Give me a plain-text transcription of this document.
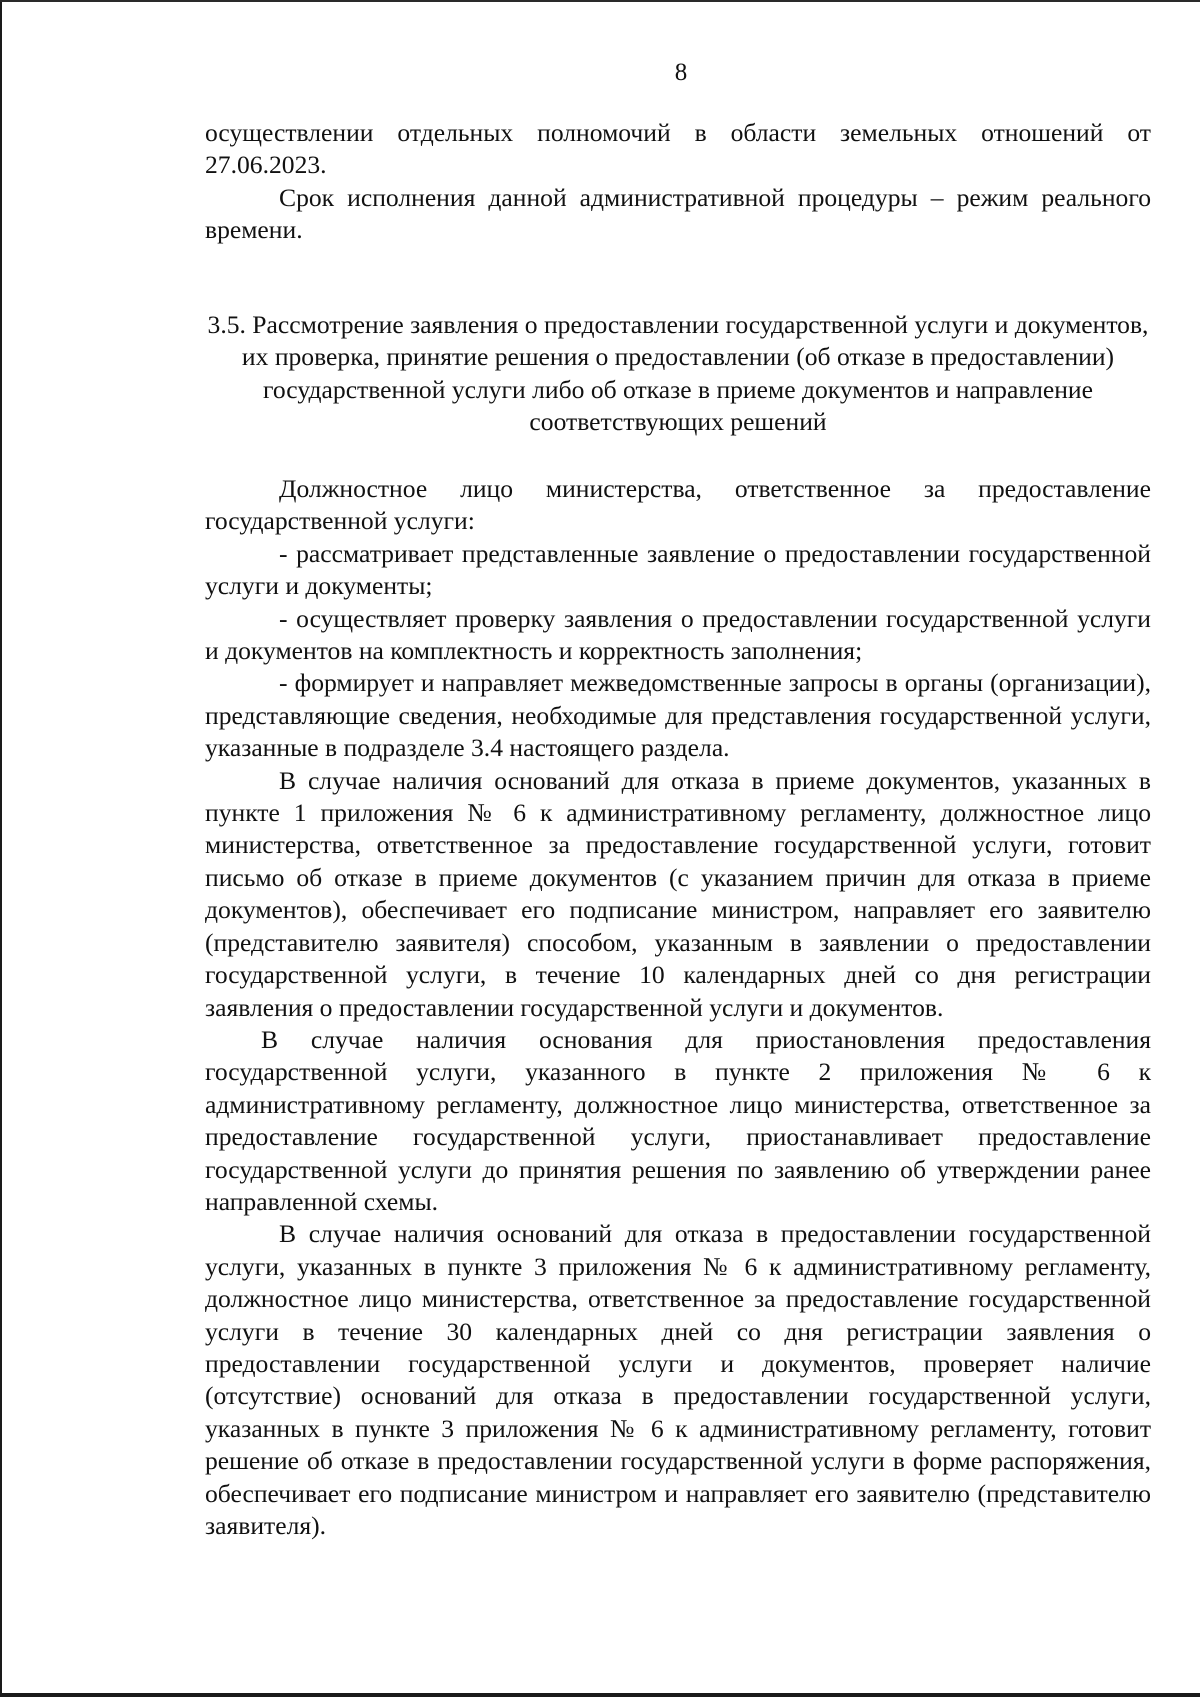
8

осуществлении отдельных полномочий в области земельных отношений от 27.06.2023.

Срок исполнения данной административной процедуры – режим реального времени.

3.5. Рассмотрение заявления о предоставлении государственной услуги и документов, их проверка, принятие решения о предоставлении (об отказе в предоставлении) государственной услуги либо об отказе в приеме документов и направление соответствующих решений

Должностное лицо министерства, ответственное за предоставление государственной услуги:

- рассматривает представленные заявление о предоставлении государственной услуги и документы;

- осуществляет проверку заявления о предоставлении государственной услуги и документов на комплектность и корректность заполнения;

- формирует и направляет межведомственные запросы в органы (организации), представляющие сведения, необходимые для представления государственной услуги, указанные в подразделе 3.4 настоящего раздела.

В случае наличия оснований для отказа в приеме документов, указанных в пункте 1 приложения № 6 к административному регламенту, должностное лицо министерства, ответственное за предоставление государственной услуги, готовит письмо об отказе в приеме документов (с указанием причин для отказа в приеме документов), обеспечивает его подписание министром, направляет его заявителю (представителю заявителя) способом, указанным в заявлении о предоставлении государственной услуги, в течение 10 календарных дней со дня регистрации заявления о предоставлении государственной услуги и документов.

В случае наличия основания для приостановления предоставления государственной услуги, указанного в пункте 2 приложения № 6 к административному регламенту, должностное лицо министерства, ответственное за предоставление государственной услуги, приостанавливает предоставление государственной услуги до принятия решения по заявлению об утверждении ранее направленной схемы.

В случае наличия оснований для отказа в предоставлении государственной услуги, указанных в пункте 3 приложения № 6 к административному регламенту, должностное лицо министерства, ответственное за предоставление государственной услуги в течение 30 календарных дней со дня регистрации заявления о предоставлении государственной услуги и документов, проверяет наличие (отсутствие) оснований для отказа в предоставлении государственной услуги, указанных в пункте 3 приложения № 6 к административному регламенту, готовит решение об отказе в предоставлении государственной услуги в форме распоряжения, обеспечивает его подписание министром и направляет его заявителю (представителю заявителя).
